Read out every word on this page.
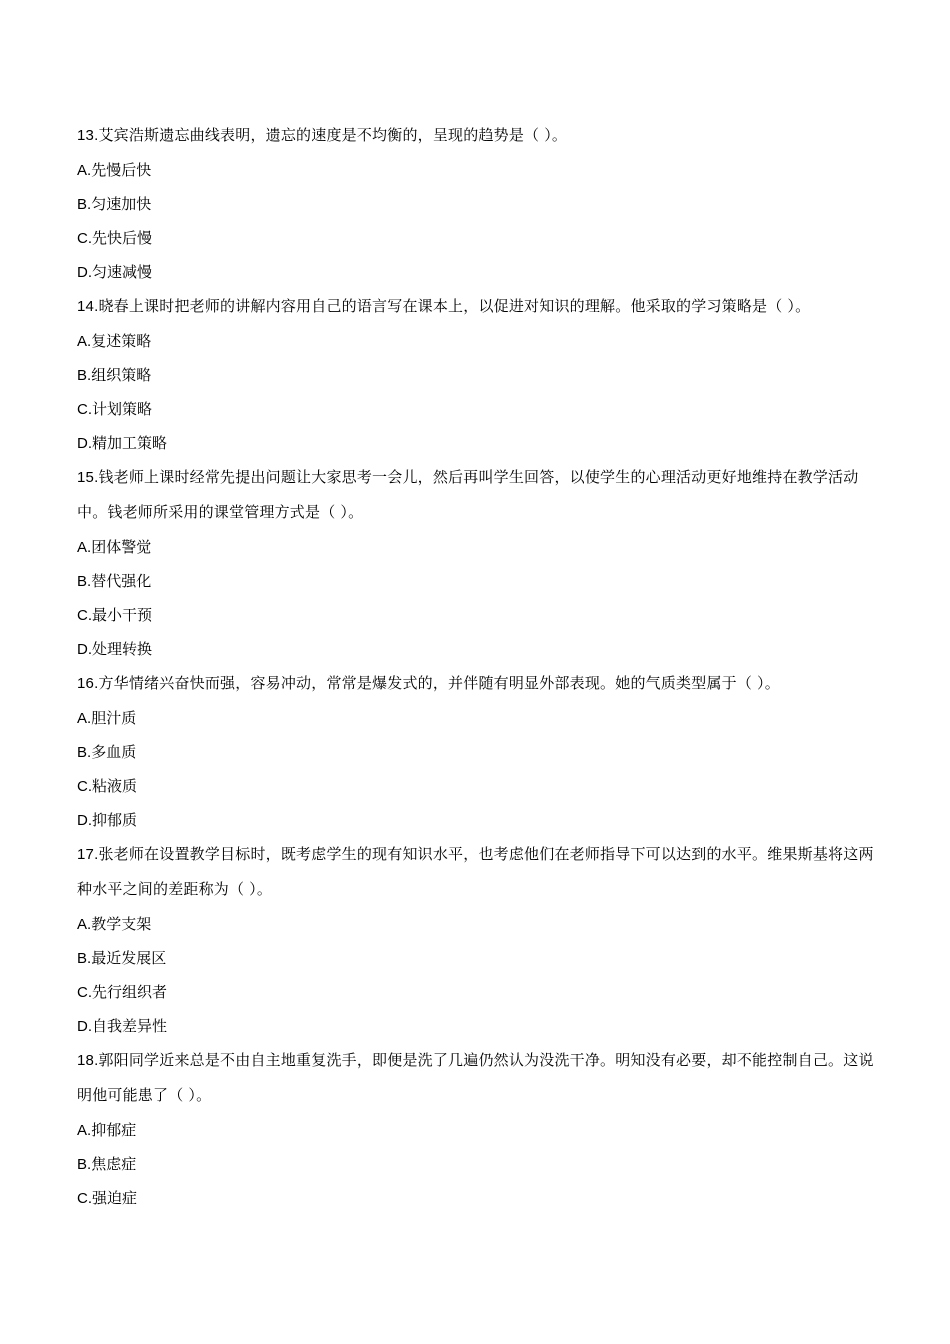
13.艾宾浩斯遗忘曲线表明，遗忘的速度是不均衡的，呈现的趋势是（ ）。

A.先慢后快

B.匀速加快

C.先快后慢

D.匀速减慢

14.晓春上课时把老师的讲解内容用自己的语言写在课本上，以促进对知识的理解。他采取的学习策略是（ ）。

A.复述策略

B.组织策略

C.计划策略

D.精加工策略

15.钱老师上课时经常先提出问题让大家思考一会儿，然后再叫学生回答，以使学生的心理活动更好地维持在教学活动中。钱老师所采用的课堂管理方式是（ ）。

A.团体警觉

B.替代强化

C.最小干预

D.处理转换

16.方华情绪兴奋快而强，容易冲动，常常是爆发式的，并伴随有明显外部表现。她的气质类型属于（ ）。

A.胆汁质

B.多血质

C.粘液质

D.抑郁质

17.张老师在设置教学目标时，既考虑学生的现有知识水平，也考虑他们在老师指导下可以达到的水平。维果斯基将这两种水平之间的差距称为（ ）。

A.教学支架

B.最近发展区

C.先行组织者

D.自我差异性

18.郭阳同学近来总是不由自主地重复洗手，即便是洗了几遍仍然认为没洗干净。明知没有必要，却不能控制自己。这说明他可能患了（ ）。

A.抑郁症

B.焦虑症

C.强迫症
